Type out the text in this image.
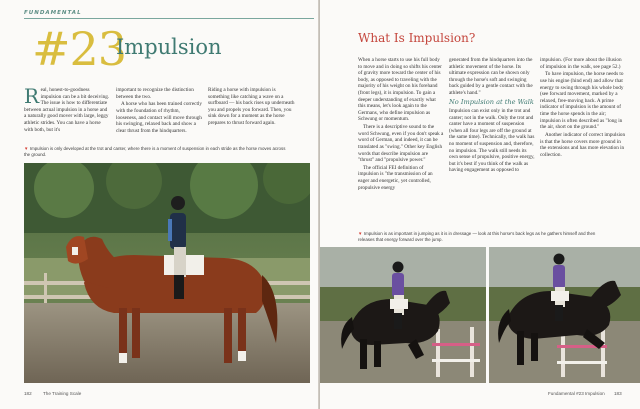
FUNDAMENTAL
#23
Impulsion

Real, honest-to-goodness impulsion can be a bit deceiving. The issue is how to differentiate between actual impulsion in a horse and a naturally good mover with large, leggy athletic strides. You can have a horse with both, but it's

important to recognize the distinction between the two.

A horse who has been trained correctly with the foundation of rhythm, looseness, and contact will move through his swinging, relaxed back and show a clear thrust from the hindquarters.

Riding a horse with impulsion is something like catching a wave on a surfboard — his back rises up underneath you and propels you forward. Then, you sink down for a moment as the horse prepares to thrust forward again.

▼ Impulsion is only developed at the trot and canter, where there is a moment of suspension in each stride as the horse moves across the ground.
182 The Training Scale
What Is Impulsion?

When a horse starts to use his full body to move and in doing so shifts his center of gravity more toward the center of his body, as opposed to traveling with the majority of his weight on his forehand (front legs), it is impulsion. To gain a deeper understanding of exactly what this means, let's look again to the Germans, who define impulsion as Schwung or momentum.

There is a descriptive sound to the word Schwung, even if you don't speak a word of German, and indeed, it can be translated as "swing." Other key English words that describe impulsion are "thrust" and "propulsive power."

The official FEI definition of impulsion is "the transmission of an eager and energetic, yet controlled, propulsive energy

generated from the hindquarters into the athletic movement of the horse. Its ultimate expression can be shown only through the horse's soft and swinging back guided by a gentle contact with the athlete's hand."

No Impulsion at the Walk

Impulsion can exist only in the trot and canter; not in the walk. Only the trot and canter have a moment of suspension (when all four legs are off the ground at the same time). Technically, the walk has no moment of suspension and, therefore, no impulsion. The walk still needs its own sense of propulsive, positive energy, but it's best if you think of the walk as having engagement as opposed to

impulsion. (For more about the illusion of impulsion in the walk, see page 52.)

To have impulsion, the horse needs to use his engine (hind end) and allow that energy to swing through his whole body (see forward movement, marked by a relaxed, free-moving back. A prime indicator of impulsion is the amount of time the horse spends in the air; impulsion is often described as "long in the air, short on the ground."

Another indicator of correct impulsion is that the horse covers more ground in the extensions and has more elevation in collection.

▼ Impulsion is as important in jumping as it is in dressage — look at this horse's back legs as he gathers himself and then releases that energy forward over the jump.
Fundamental #23 Impulsion 183
